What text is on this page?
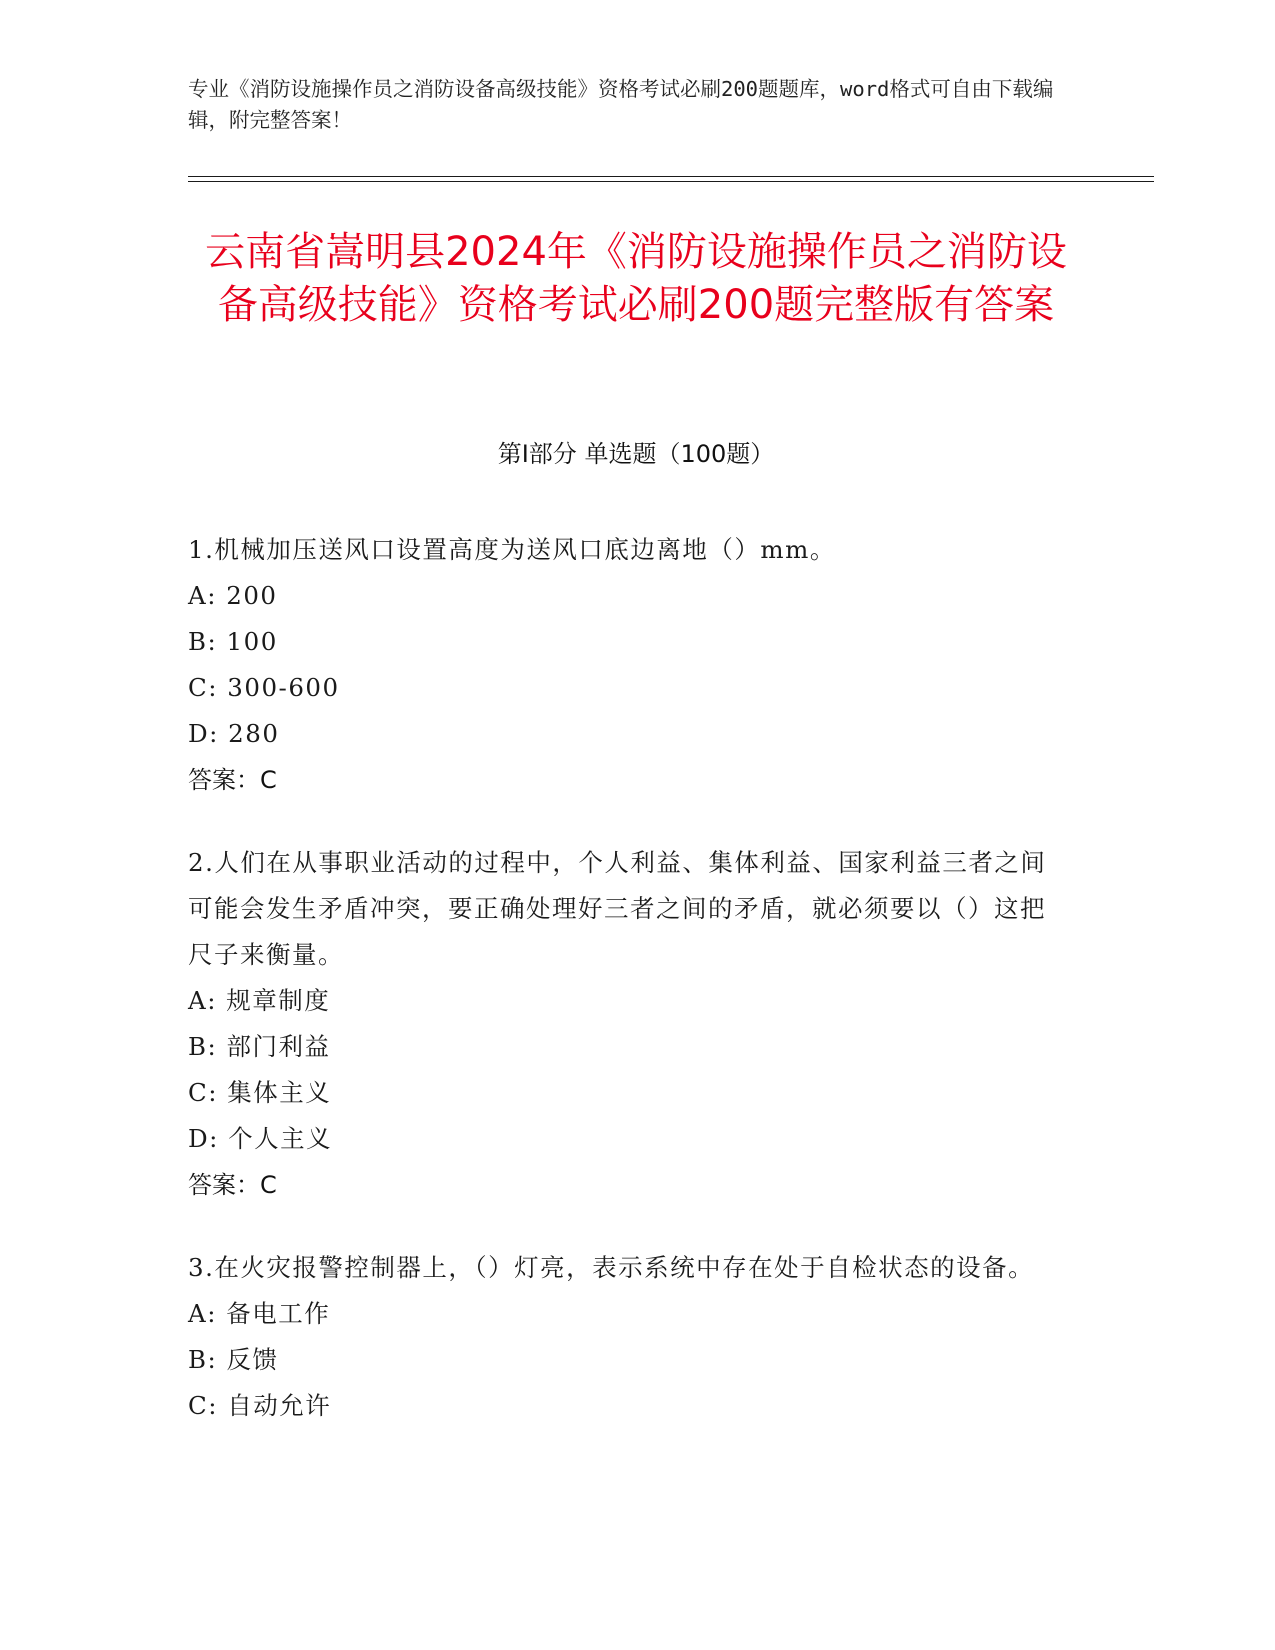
专业《消防设施操作员之消防设备高级技能》资格考试必刷200题题库，word格式可自由下载编辑，附完整答案！
云南省嵩明县2024年《消防设施操作员之消防设备高级技能》资格考试必刷200题完整版有答案
第I部分 单选题（100题）
1.机械加压送风口设置高度为送风口底边离地（）mm。
A: 200
B: 100
C: 300-600
D: 280
答案：C
2.人们在从事职业活动的过程中，个人利益、集体利益、国家利益三者之间可能会发生矛盾冲突，要正确处理好三者之间的矛盾，就必须要以（）这把尺子来衡量。
A: 规章制度
B: 部门利益
C: 集体主义
D: 个人主义
答案：C
3.在火灾报警控制器上，（）灯亮，表示系统中存在处于自检状态的设备。
A: 备电工作
B: 反馈
C: 自动允许
